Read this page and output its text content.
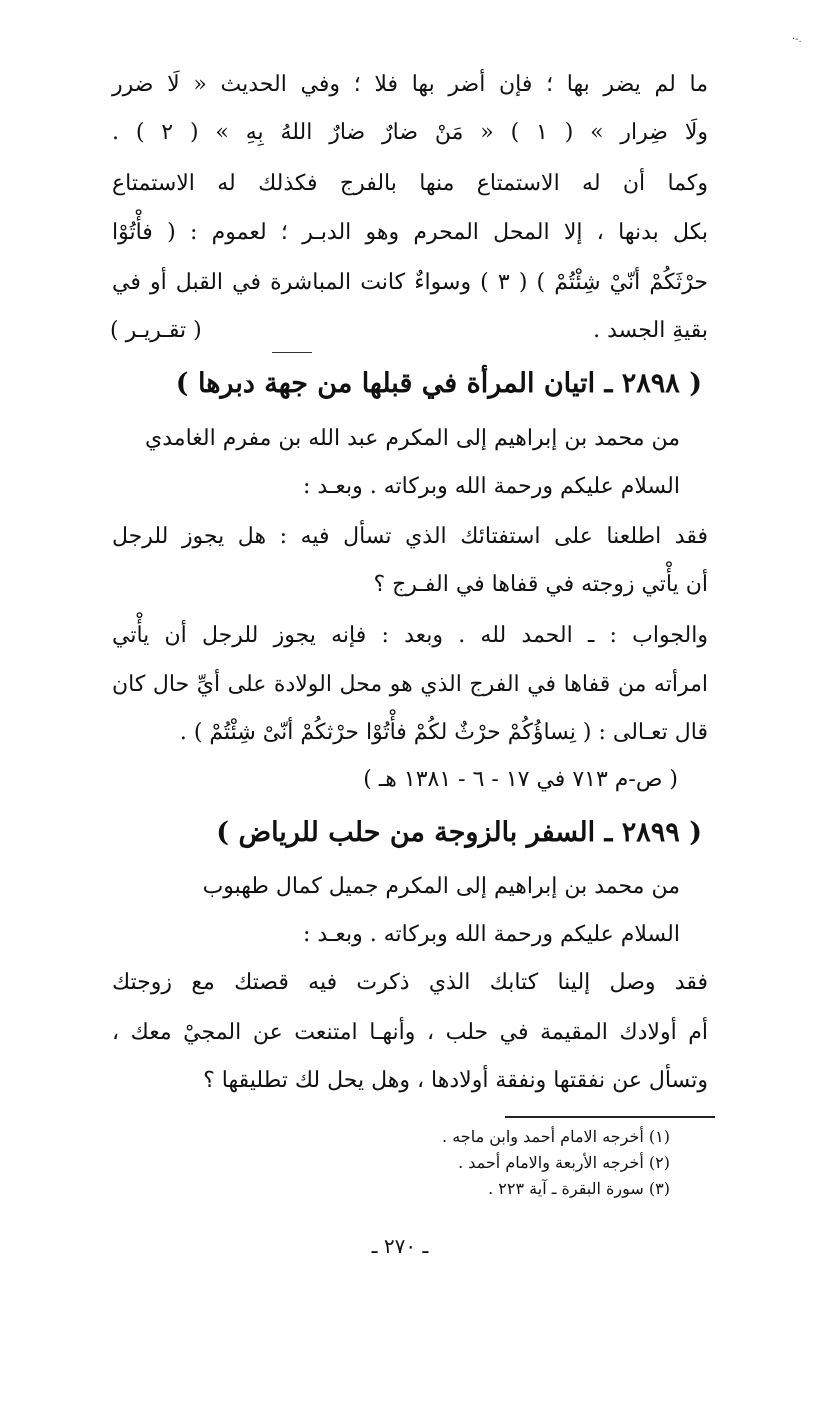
·-.
ما لم يضر بها ؛ فإن أضر بها فلا ؛ وفي الحديث « لَا ضرر
ولَا ضِرار » ( ١ ) « مَنْ ضارٌ ضارٌ اللهُ بِهِ » ( ٢ ) .
وكما أن له الاستمتاع منها بالفرج فكذلك له الاستمتاع
بكل بدنها ، إلا المحل المحرم وهو الدبـر ؛ لعموم : ( فأْتُوْا
حرْثَكُمْ أنّيْ شِئْتُمْ ) ( ٣ ) وسواءٌ كانت المباشرة في القبل أو في
بقيةِ الجسد .
( تقـريـر )
( ٢٨٩٨ ـ اتيان المرأة في قبلها من جهة دبرها )
من محمد بن إبراهيم إلى المكرم عبد الله بن مفرم الغامدي
السلام عليكم ورحمة الله وبركاته . وبعـد :
فقد اطلعنا على استفتائك الذي تسأل فيه : هل يجوز للرجل
أن يأْتي زوجته في قفاها في الفـرج ؟
والجواب : ـ الحمد لله . وبعد : فإنه يجوز للرجل أن يأْتي
امرأته من قفاها في الفرج الذي هو محل الولادة على أيِّ حال كان
قال تعـالى : ( نِساؤُكُمْ حرْثٌ لكُمْ فأْتُوْا حرْثكُمْ أنّىْ شِئْتُمْ ) .
( ص-م ٧١٣ في ١٧ - ٦ - ١٣٨١ هـ )
( ٢٨٩٩ ـ السفر بالزوجة من حلب للرياض )
من محمد بن إبراهيم إلى المكرم جميل كمال طهبوب
السلام عليكم ورحمة الله وبركاته . وبعـد :
فقد وصل إلينا كتابك الذي ذكرت فيه قصتك مع زوجتك
أم أولادك المقيمة في حلب ، وأنهـا امتنعت عن المجيْ معك ،
وتسأل عن نفقتها ونفقة أولادها ، وهل يحل لك تطليقها ؟
(١) أخرجه الامام أحمد وابن ماجه .
(٢) أخرجه الأربعة والامام أحمد .
(٣) سورة البقرة ـ آية ٢٢٣ .
ـ ٢٧٠ ـ
